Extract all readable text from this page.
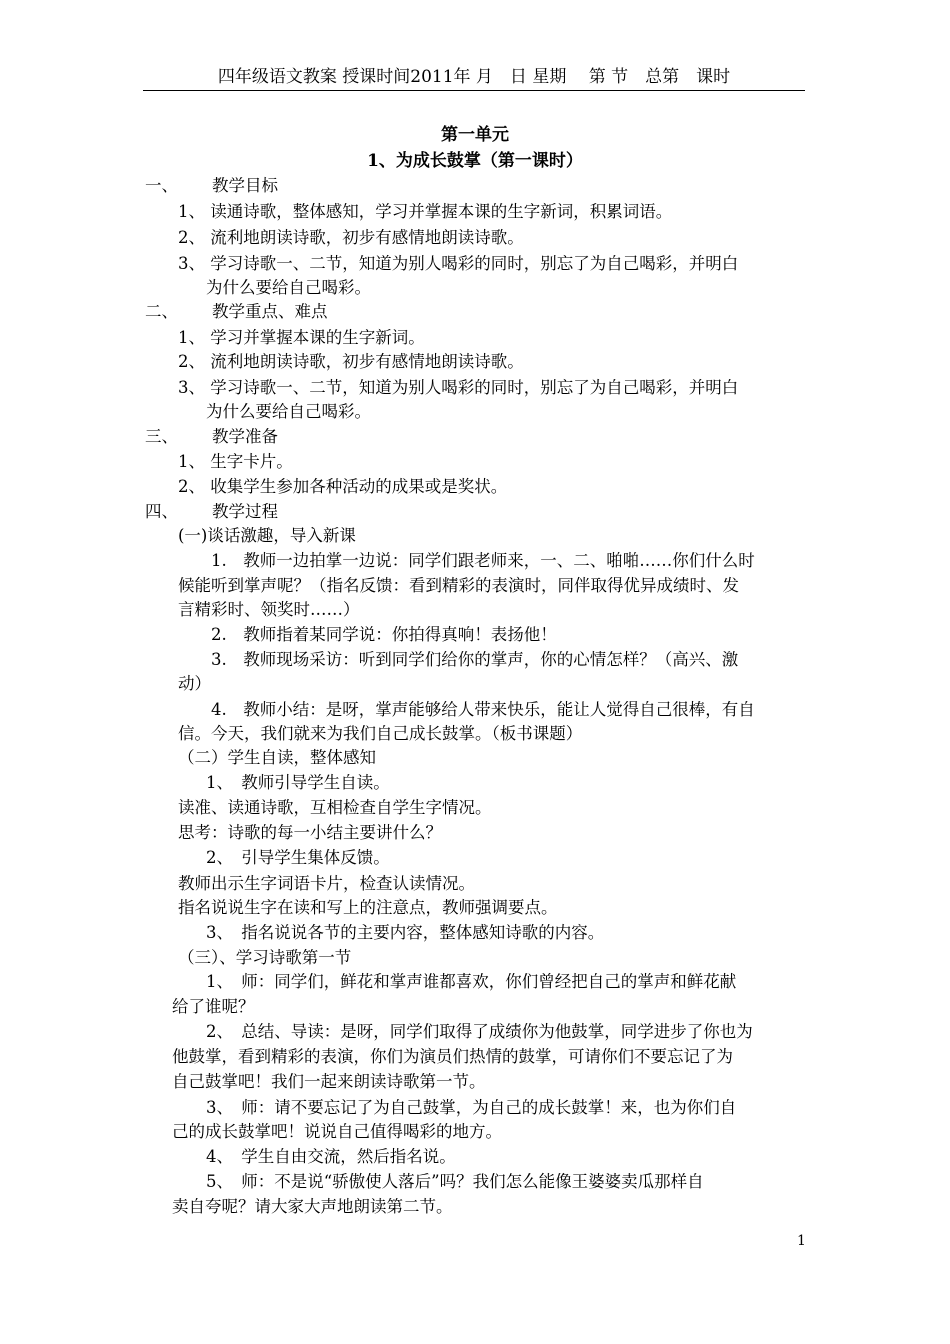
四年级语文教案 授课时间2011年 月　日 星期　 第 节　总第　课时
第一单元
1、为成长鼓掌（第一课时）
一、 教学目标
1、 读通诗歌，整体感知，学习并掌握本课的生字新词，积累词语。
2、 流利地朗读诗歌，初步有感情地朗读诗歌。
3、 学习诗歌一、二节，知道为别人喝彩的同时，别忘了为自己喝彩，并明白
为什么要给自己喝彩。
二、 教学重点、难点
1、 学习并掌握本课的生字新词。
2、 流利地朗读诗歌，初步有感情地朗读诗歌。
3、 学习诗歌一、二节，知道为别人喝彩的同时，别忘了为自己喝彩，并明白
为什么要给自己喝彩。
三、 教学准备
1、 生字卡片。
2、 收集学生参加各种活动的成果或是奖状。
四、 教学过程
(一)谈话激趣，导入新课
1.　教师一边拍掌一边说：同学们跟老师来，一、二、啪啪……你们什么时
候能听到掌声呢？（指名反馈：看到精彩的表演时，同伴取得优异成绩时、发
言精彩时、领奖时……）
2.　教师指着某同学说：你拍得真响！表扬他！
3.　教师现场采访：听到同学们给你的掌声，你的心情怎样？（高兴、激
动）
4.　教师小结：是呀，掌声能够给人带来快乐，能让人觉得自己很棒，有自
信。今天，我们就来为我们自己成长鼓掌。（板书课题）
（二）学生自读，整体感知
1、　教师引导学生自读。
读准、读通诗歌，互相检查自学生字情况。
思考：诗歌的每一小结主要讲什么？
2、　引导学生集体反馈。
教师出示生字词语卡片，检查认读情况。
指名说说生字在读和写上的注意点，教师强调要点。
3、　指名说说各节的主要内容，整体感知诗歌的内容。
（三）、学习诗歌第一节
1、　师：同学们，鲜花和掌声谁都喜欢，你们曾经把自己的掌声和鲜花献
给了谁呢？
2、　总结、导读：是呀，同学们取得了成绩你为他鼓掌，同学进步了你也为
他鼓掌，看到精彩的表演，你们为演员们热情的鼓掌，可请你们不要忘记了为
自己鼓掌吧！我们一起来朗读诗歌第一节。
3、　师：请不要忘记了为自己鼓掌，为自己的成长鼓掌！来，也为你们自
己的成长鼓掌吧！说说自己值得喝彩的地方。
4、　学生自由交流，然后指名说。
5、　师：不是说“骄傲使人落后”吗？我们怎么能像王婆婆卖瓜那样自
卖自夸呢？请大家大声地朗读第二节。
1
